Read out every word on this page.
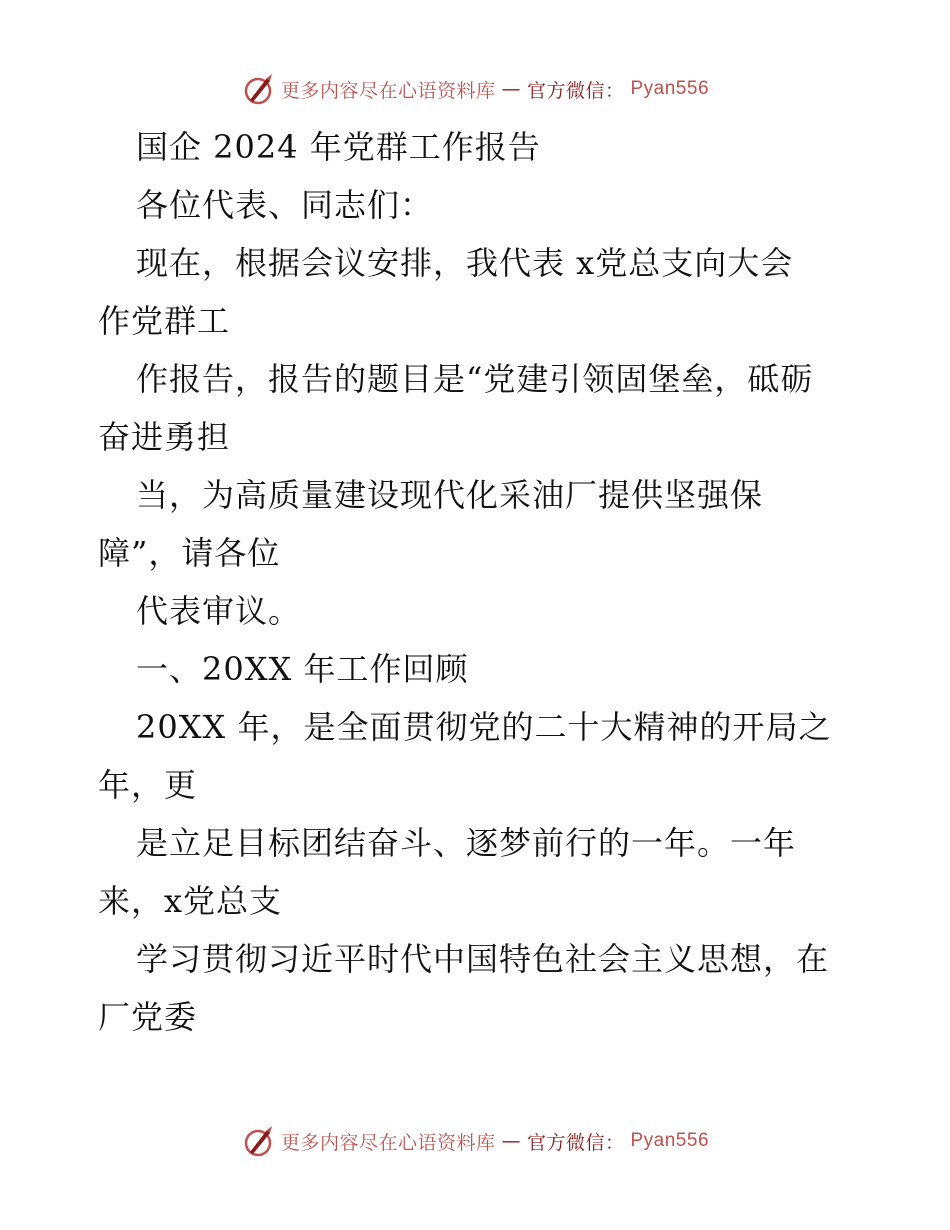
更多内容尽在心语资料库 — 官方微信： Pyan556
国企 2024 年党群工作报告
各位代表、同志们：
现在，根据会议安排，我代表 x党总支向大会
作党群工
作报告，报告的题目是“党建引领固堡垒，砥砺
奋进勇担
当，为高质量建设现代化采油厂提供坚强保
障”，请各位
代表审议。
一、20XX 年工作回顾
20XX 年，是全面贯彻党的二十大精神的开局之
年，更
是立足目标团结奋斗、逐梦前行的一年。一年
来，x党总支
学习贯彻习近平时代中国特色社会主义思想，在
厂党委
更多内容尽在心语资料库 — 官方微信： Pyan556
